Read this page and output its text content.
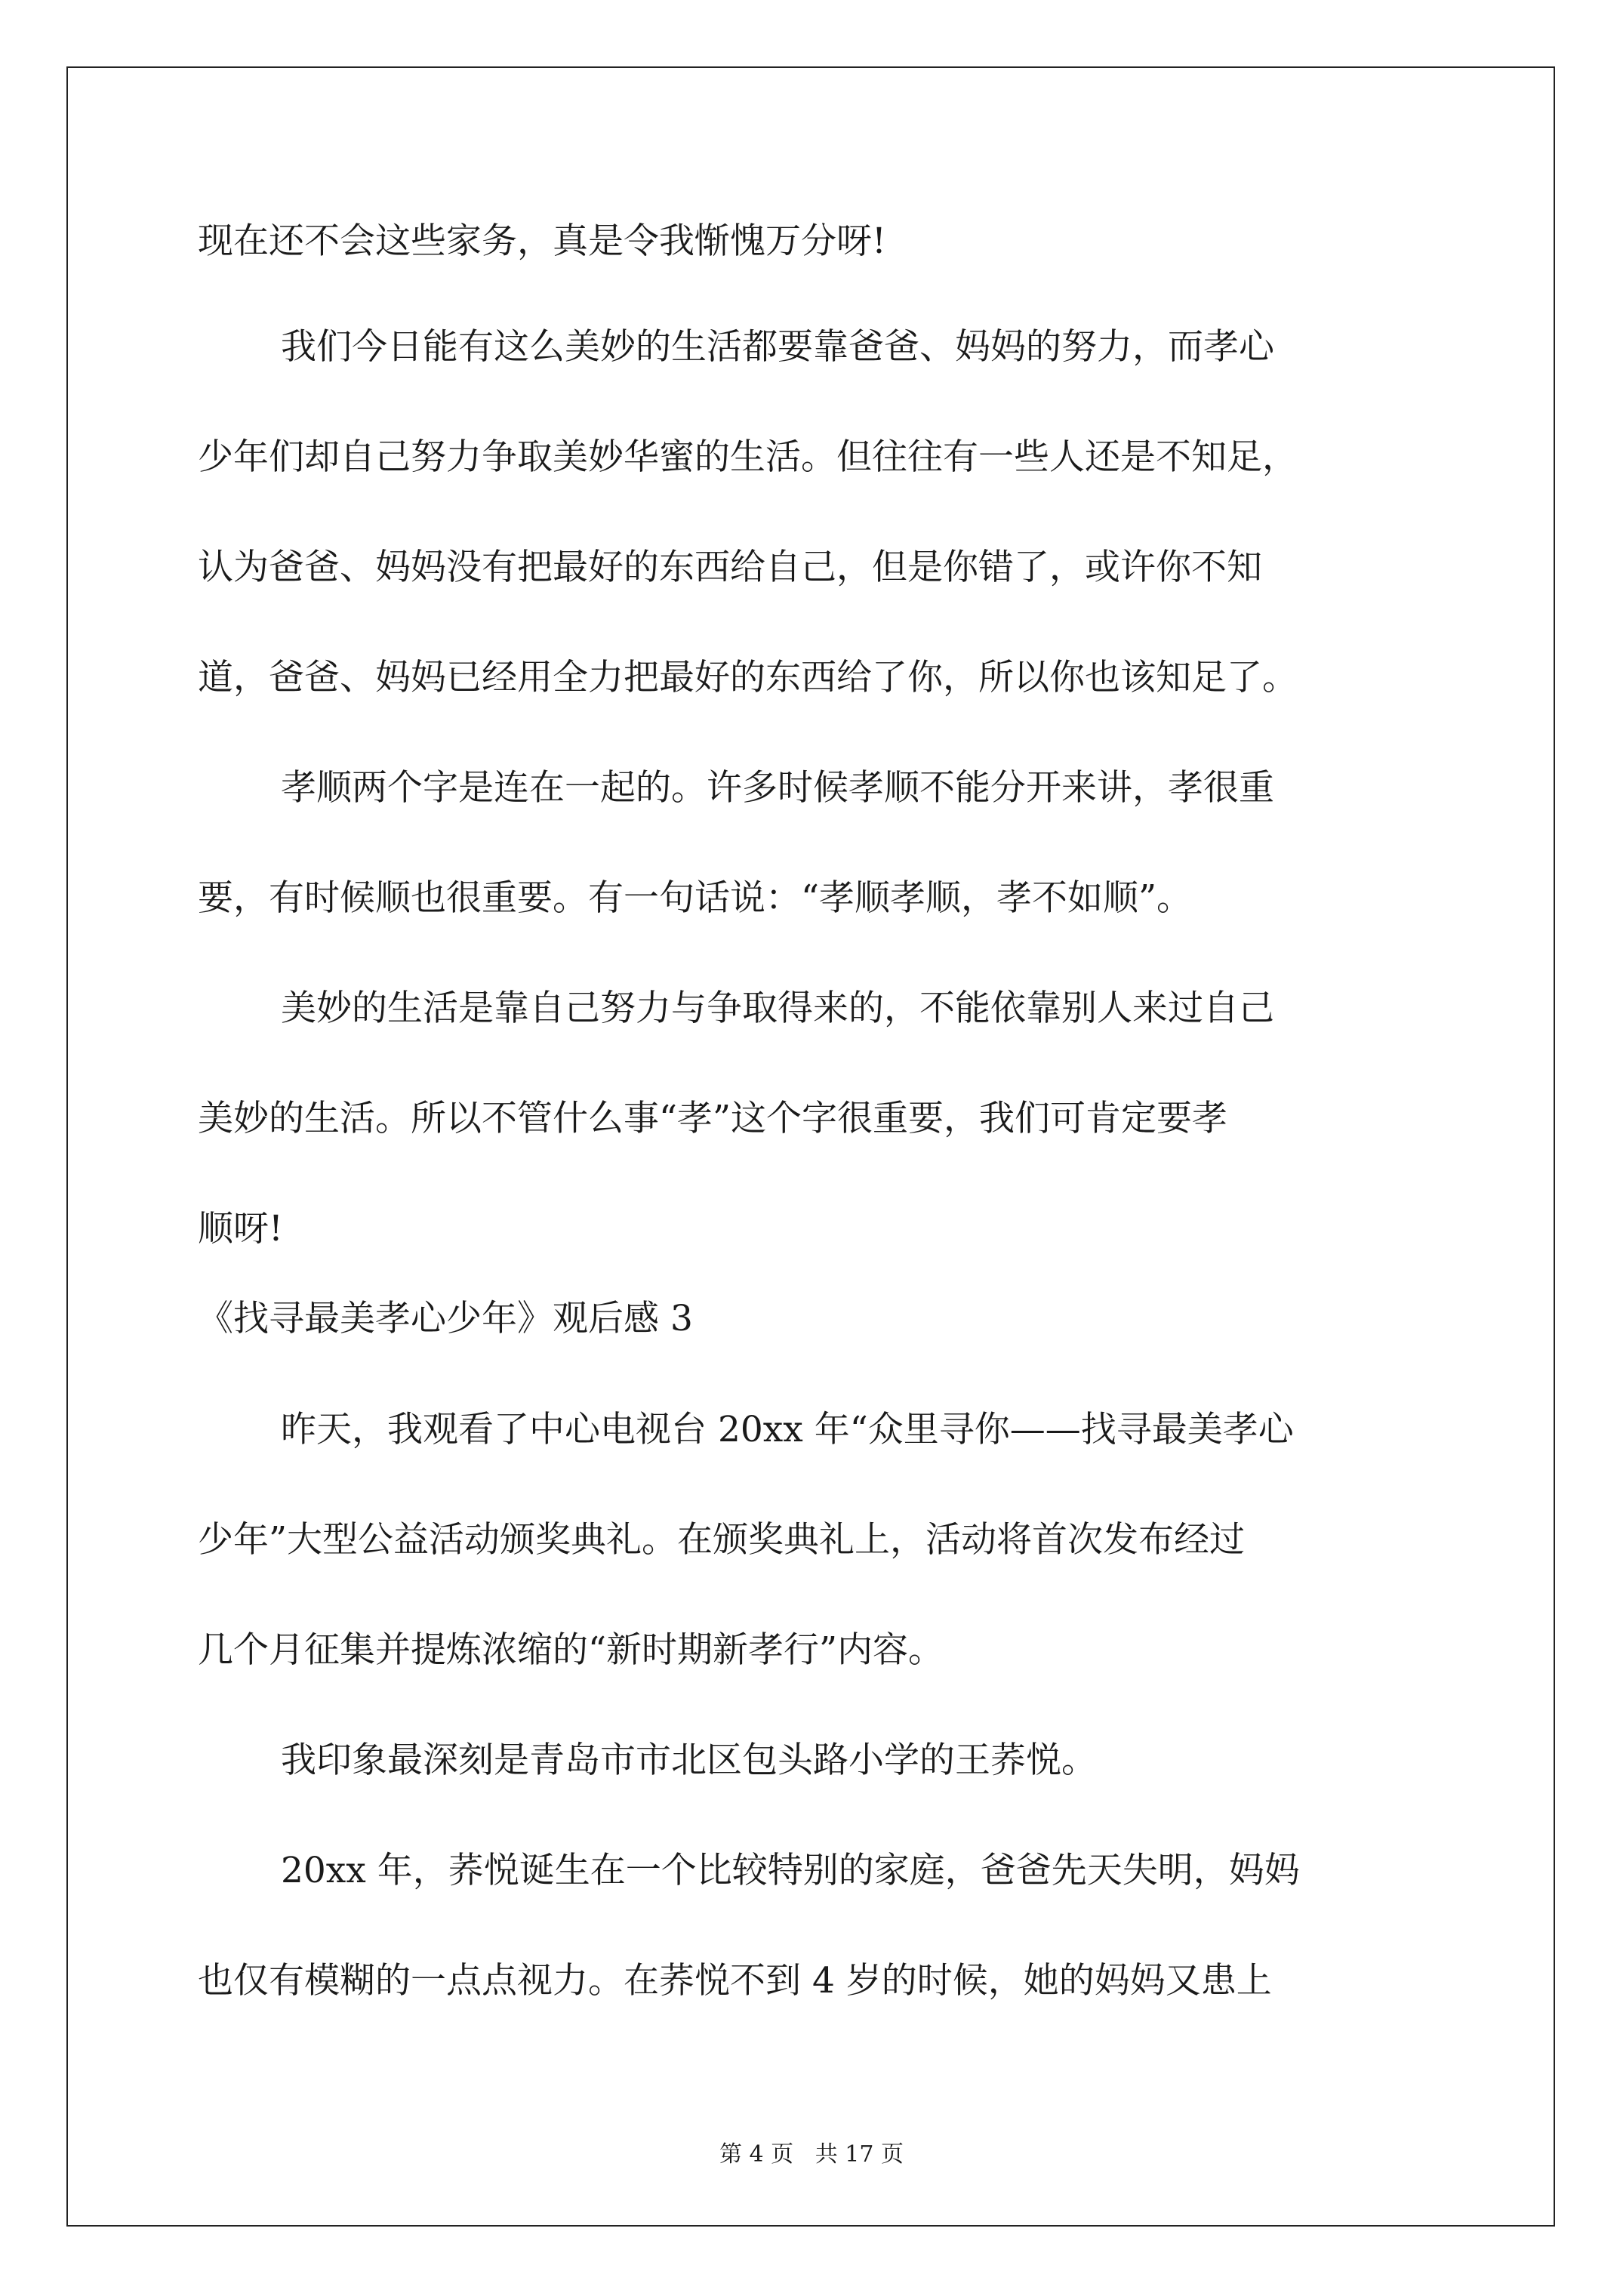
现在还不会这些家务，真是令我惭愧万分呀!

我们今日能有这么美妙的生活都要靠爸爸、妈妈的努力，而孝心

少年们却自己努力争取美妙华蜜的生活。但往往有一些人还是不知足，

认为爸爸、妈妈没有把最好的东西给自己，但是你错了，或许你不知

道，爸爸、妈妈已经用全力把最好的东西给了你，所以你也该知足了。

孝顺两个字是连在一起的。许多时候孝顺不能分开来讲，孝很重

要，有时候顺也很重要。有一句话说：“孝顺孝顺，孝不如顺”。

美妙的生活是靠自己努力与争取得来的，不能依靠别人来过自己

美妙的生活。所以不管什么事“孝”这个字很重要，我们可肯定要孝

顺呀!

《找寻最美孝心少年》观后感 3

昨天，我观看了中心电视台 20xx 年“众里寻你——找寻最美孝心

少年”大型公益活动颁奖典礼。在颁奖典礼上，活动将首次发布经过

几个月征集并提炼浓缩的“新时期新孝行”内容。

我印象最深刻是青岛市市北区包头路小学的王荞悦。

20xx 年，荞悦诞生在一个比较特别的家庭，爸爸先天失明，妈妈

也仅有模糊的一点点视力。在荞悦不到 4 岁的时候，她的妈妈又患上

第 4 页   共 17 页
